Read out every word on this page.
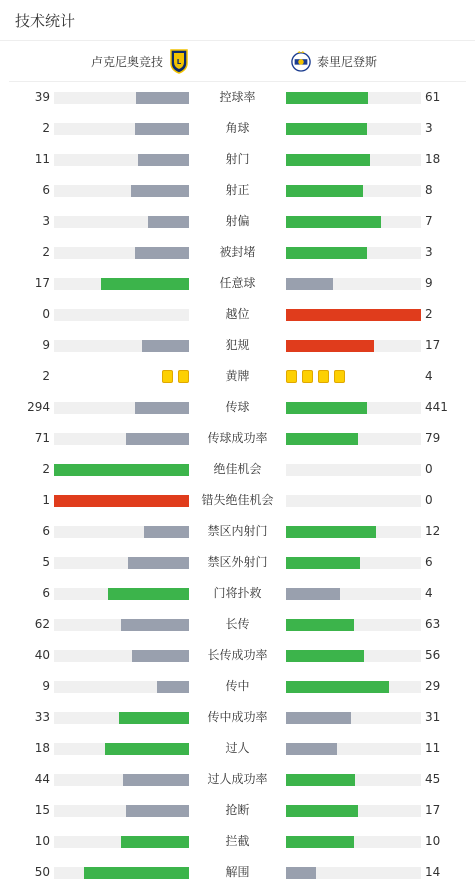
技术统计
卢克尼奥竞技 L	泰里尼登斯
39	控球率	61
2	角球	3
11	射门	18
6	射正	8
3	射偏	7
2	被封堵	3
17	任意球	9
0	越位	2
9	犯规	17
2	黄牌	4
294	传球	441
71	传球成功率	79
2	绝佳机会	0
1	错失绝佳机会	0
6	禁区内射门	12
5	禁区外射门	6
6	门将扑救	4
62	长传	63
40	长传成功率	56
9	传中	29
33	传中成功率	31
18	过人	11
44	过人成功率	45
15	抢断	17
10	拦截	10
50	解围	14
